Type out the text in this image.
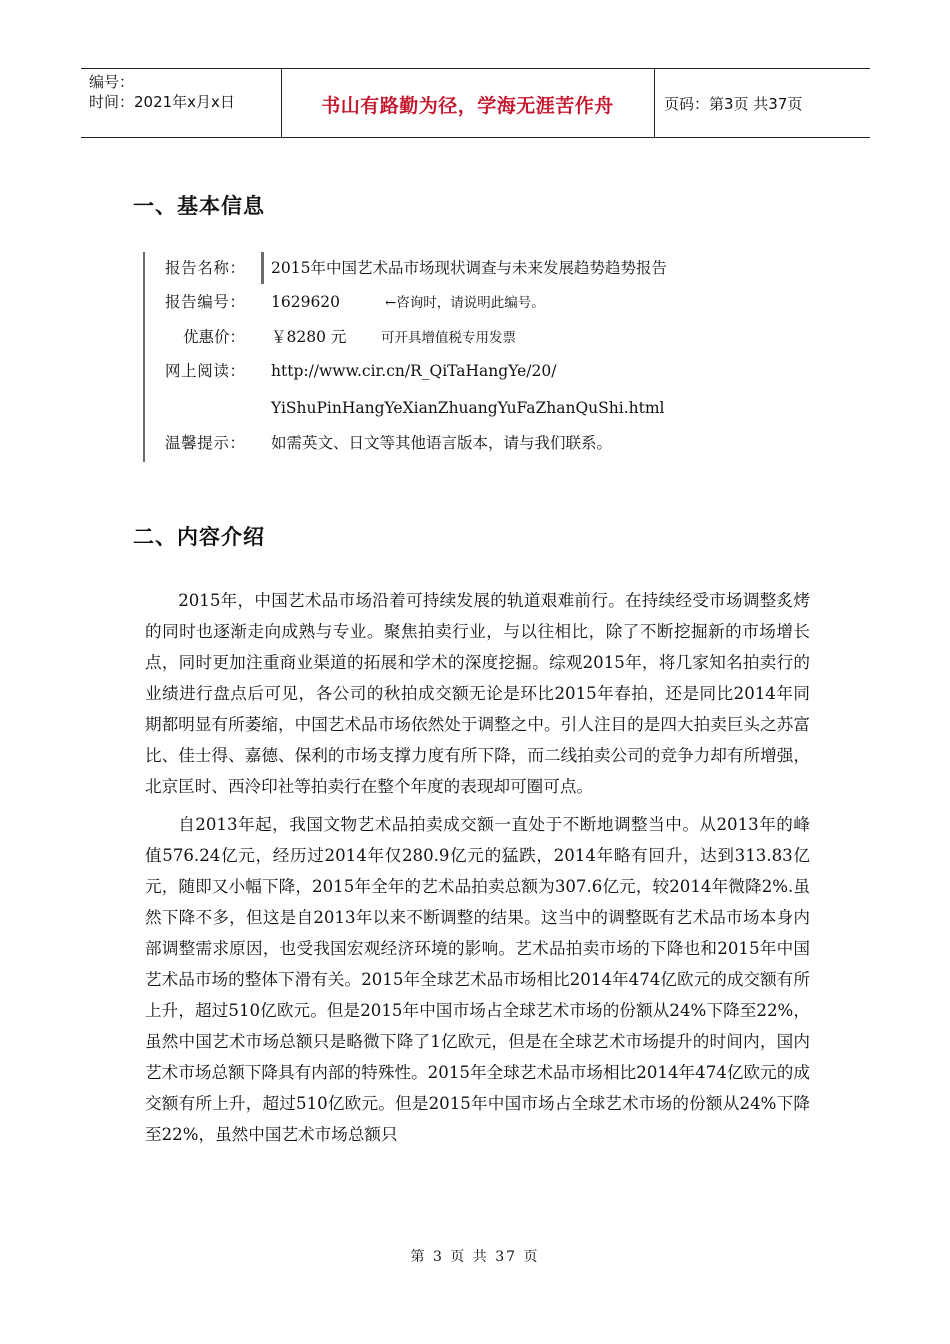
编号：
时间：2021年x月x日	书山有路勤为径，学海无涯苦作舟	页码：第3页 共37页
一、基本信息
报告名称： 2015年中国艺术品市场现状调查与未来发展趋势趋势报告
报告编号： 1629620	←咨询时，请说明此编号。
优惠价： ￥8280 元	可开具增值税专用发票
网上阅读： http://www.cir.cn/R_QiTaHangYe/20/
YiShuPinHangYeXianZhuangYuFaZhanQuShi.html
温馨提示： 如需英文、日文等其他语言版本，请与我们联系。
二、内容介绍

2015年，中国艺术品市场沿着可持续发展的轨道艰难前行。在持续经受市场调整炙烤的同时也逐渐走向成熟与专业。聚焦拍卖行业，与以往相比，除了不断挖掘新的市场增长点，同时更加注重商业渠道的拓展和学术的深度挖掘。综观2015年，将几家知名拍卖行的业绩进行盘点后可见，各公司的秋拍成交额无论是环比2015年春拍，还是同比2014年同期都明显有所萎缩，中国艺术品市场依然处于调整之中。引人注目的是四大拍卖巨头之苏富比、佳士得、嘉德、保利的市场支撑力度有所下降，而二线拍卖公司的竞争力却有所增强，北京匡时、西泠印社等拍卖行在整个年度的表现却可圈可点。

自2013年起，我国文物艺术品拍卖成交额一直处于不断地调整当中。从2013年的峰值576.24亿元，经历过2014年仅280.9亿元的猛跌，2014年略有回升，达到313.83亿元，随即又小幅下降，2015年全年的艺术品拍卖总额为307.6亿元，较2014年微降2%.虽然下降不多，但这是自2013年以来不断调整的结果。这当中的调整既有艺术品市场本身内部调整需求原因，也受我国宏观经济环境的影响。艺术品拍卖市场的下降也和2015年中国艺术品市场的整体下滑有关。2015年全球艺术品市场相比2014年474亿欧元的成交额有所上升，超过510亿欧元。但是2015年中国市场占全球艺术市场的份额从24%下降至22%，虽然中国艺术市场总额只是略微下降了1亿欧元，但是在全球艺术市场提升的时间内，国内艺术市场总额下降具有内部的特殊性。2015年全球艺术品市场相比2014年474亿欧元的成交额有所上升，超过510亿欧元。但是2015年中国市场占全球艺术市场的份额从24%下降至22%，虽然中国艺术市场总额只

第 3 页 共 37 页
